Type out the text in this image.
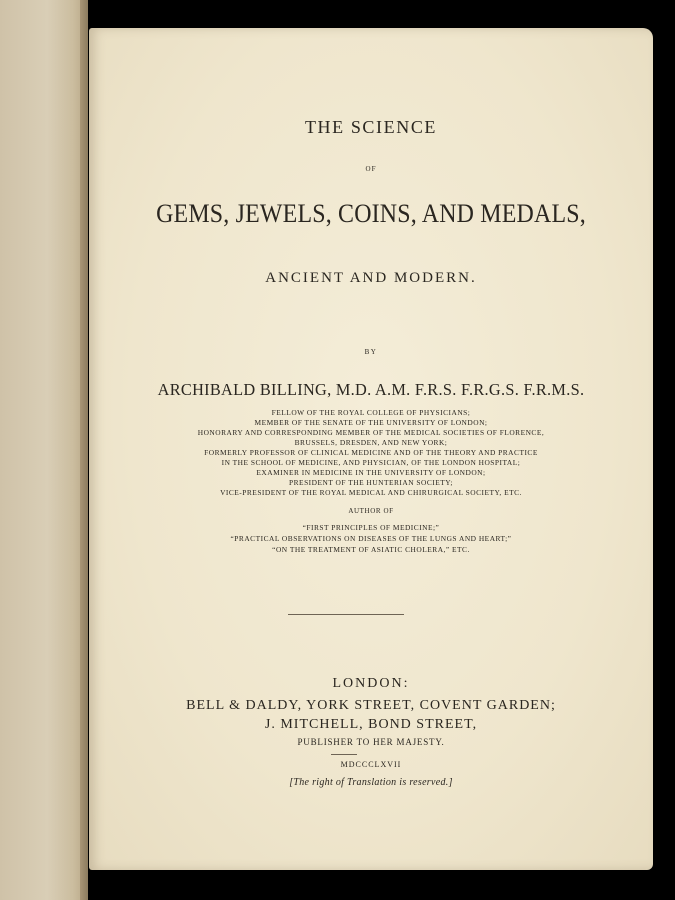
THE SCIENCE
OF
GEMS, JEWELS, COINS, AND MEDALS,
ANCIENT AND MODERN.
BY
ARCHIBALD BILLING, M.D. A.M. F.R.S. F.R.G.S. F.R.M.S.
FELLOW OF THE ROYAL COLLEGE OF PHYSICIANS;
MEMBER OF THE SENATE OF THE UNIVERSITY OF LONDON;
HONORARY AND CORRESPONDING MEMBER OF THE MEDICAL SOCIETIES OF FLORENCE,
BRUSSELS, DRESDEN, AND NEW YORK;
FORMERLY PROFESSOR OF CLINICAL MEDICINE AND OF THE THEORY AND PRACTICE
IN THE SCHOOL OF MEDICINE, AND PHYSICIAN, OF THE LONDON HOSPITAL;
EXAMINER IN MEDICINE IN THE UNIVERSITY OF LONDON;
PRESIDENT OF THE HUNTERIAN SOCIETY;
VICE-PRESIDENT OF THE ROYAL MEDICAL AND CHIRURGICAL SOCIETY, ETC.
AUTHOR OF
“FIRST PRINCIPLES OF MEDICINE;”
“PRACTICAL OBSERVATIONS ON DISEASES OF THE LUNGS AND HEART;”
“ON THE TREATMENT OF ASIATIC CHOLERA,” ETC.
LONDON:
BELL & DALDY, YORK STREET, COVENT GARDEN;
J. MITCHELL, BOND STREET,
PUBLISHER TO HER MAJESTY.
MDCCCLXVII
[The right of Translation is reserved.]
